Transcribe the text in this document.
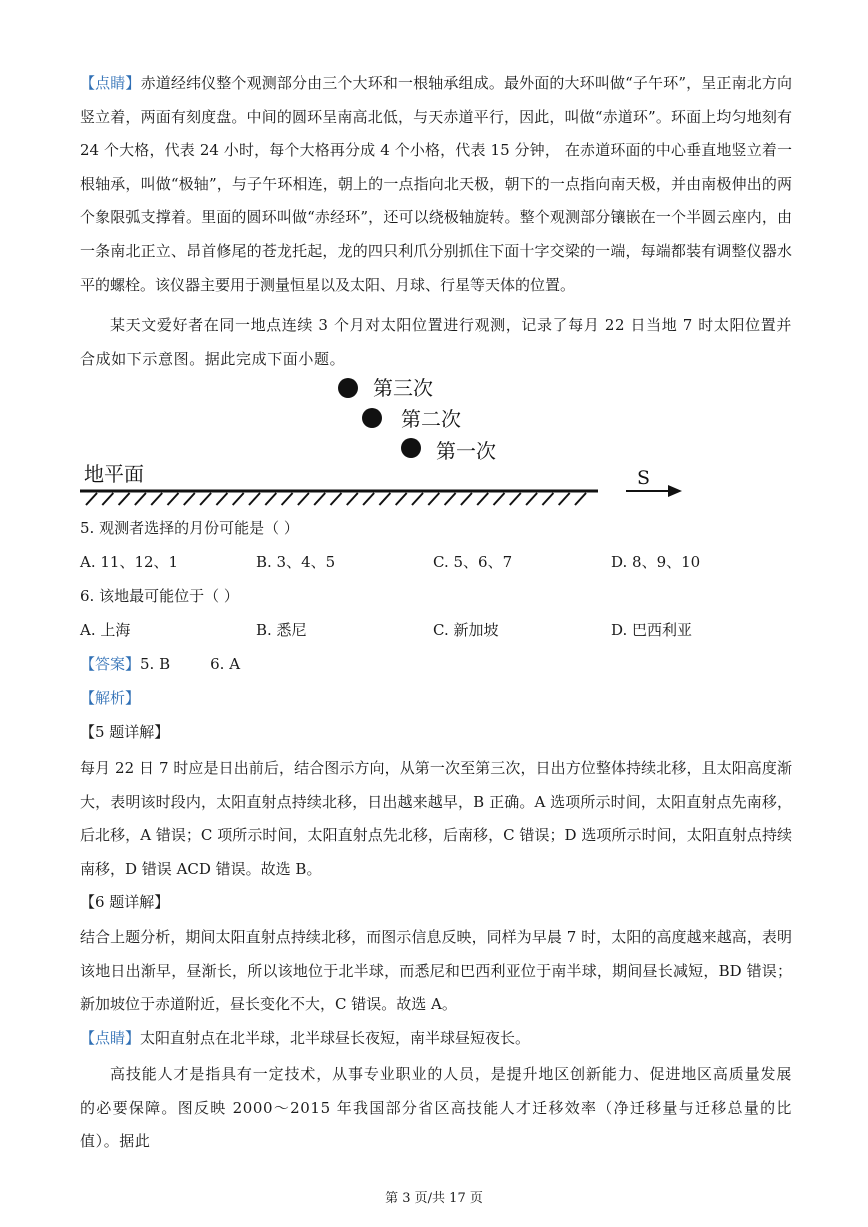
【点睛】赤道经纬仪整个观测部分由三个大环和一根轴承组成。最外面的大环叫做“子午环”，呈正南北方向竖立着，两面有刻度盘。中间的圆环呈南高北低，与天赤道平行，因此，叫做“赤道环”。环面上均匀地刻有 24 个大格，代表 24 小时，每个大格再分成 4 个小格，代表 15 分钟， 在赤道环面的中心垂直地竖立着一根轴承，叫做“极轴”，与子午环相连，朝上的一点指向北天极，朝下的一点指向南天极，并由南极伸出的两个象限弧支撑着。里面的圆环叫做“赤经环”，还可以绕极轴旋转。整个观测部分镶嵌在一个半圆云座内，由一条南北正立、昂首修尾的苍龙托起，龙的四只利爪分别抓住下面十字交梁的一端，每端都装有调整仪器水平的螺栓。该仪器主要用于测量恒星以及太阳、月球、行星等天体的位置。
某天文爱好者在同一地点连续 3 个月对太阳位置进行观测，记录了每月 22 日当地 7 时太阳位置并合成如下示意图。据此完成下面小题。
第三次
第二次
第一次
地平面	S
5. 观测者选择的月份可能是（ ）
A. 11、12、1	B. 3、4、5	C. 5、6、7	D. 8、9、10
6. 该地最可能位于（ ）
A. 上海	B. 悉尼	C. 新加坡	D. 巴西利亚
【答案】5. B	6. A
【解析】
【5 题详解】
每月 22 日 7 时应是日出前后，结合图示方向，从第一次至第三次，日出方位整体持续北移，且太阳高度渐大，表明该时段内，太阳直射点持续北移，日出越来越早，B 正确。A 选项所示时间，太阳直射点先南移，后北移，A 错误；C 项所示时间，太阳直射点先北移，后南移，C 错误；D 选项所示时间，太阳直射点持续南移，D 错误 ACD 错误。故选 B。
【6 题详解】
结合上题分析，期间太阳直射点持续北移，而图示信息反映，同样为早晨 7 时，太阳的高度越来越高，表明该地日出渐早，昼渐长，所以该地位于北半球，而悉尼和巴西利亚位于南半球，期间昼长减短，BD 错误；新加坡位于赤道附近，昼长变化不大，C 错误。故选 A。
【点睛】太阳直射点在北半球，北半球昼长夜短，南半球昼短夜长。
高技能人才是指具有一定技术，从事专业职业的人员，是提升地区创新能力、促进地区高质量发展的必要保障。图反映 2000～2015 年我国部分省区高技能人才迁移效率（净迁移量与迁移总量的比值）。据此
第 3 页/共 17 页
